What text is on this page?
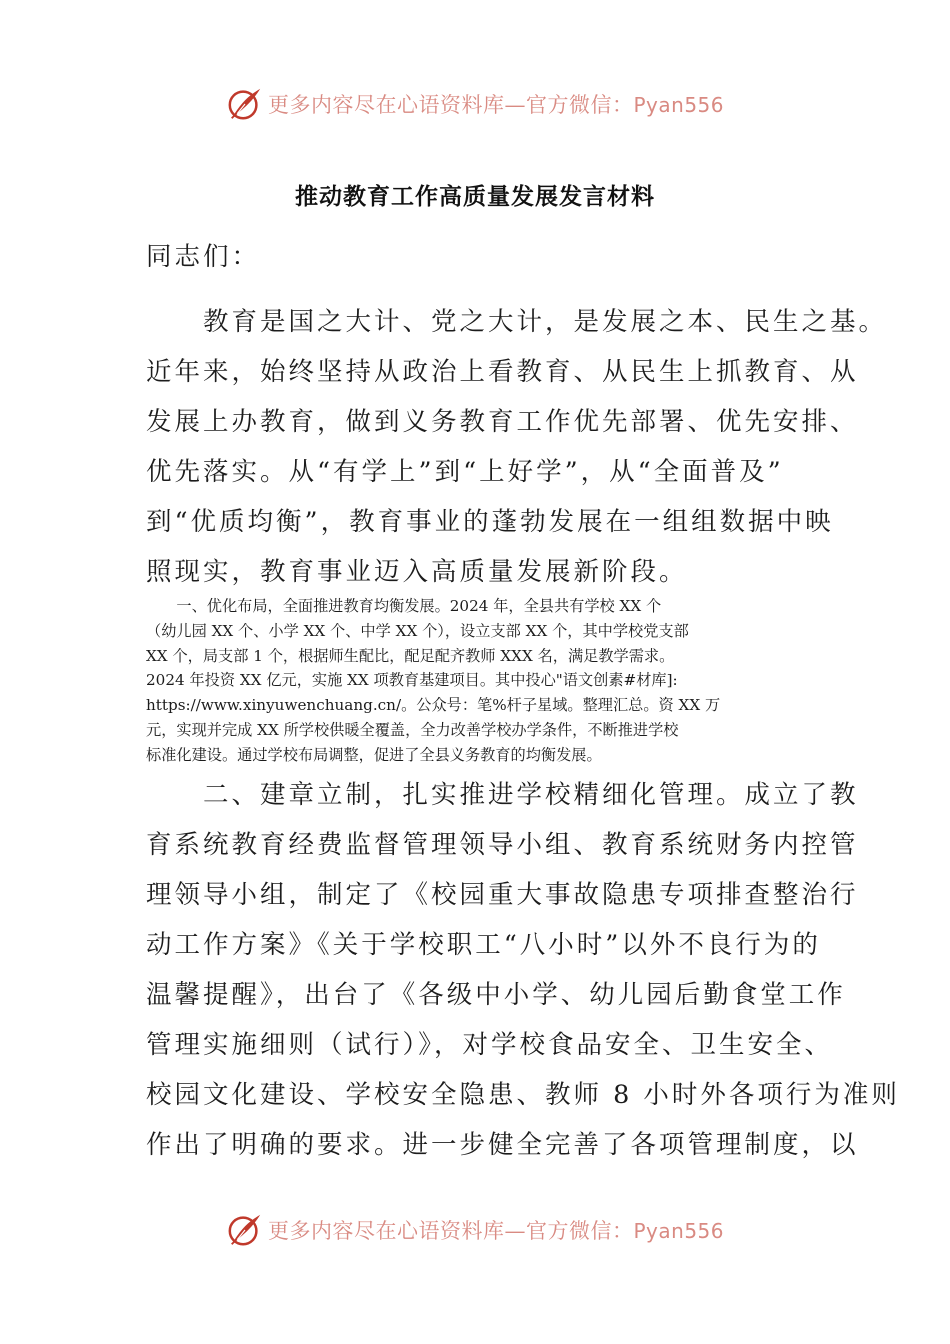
更多内容尽在心语资料库—官方微信：Pyan556
推动教育工作高质量发展发言材料
同志们：
　　教育是国之大计、党之大计，是发展之本、民生之基。
近年来，始终坚持从政治上看教育、从民生上抓教育、从
发展上办教育，做到义务教育工作优先部署、优先安排、
优先落实。从“有学上”到“上好学”，从“全面普及”
到“优质均衡”，教育事业的蓬勃发展在一组组数据中映
照现实，教育事业迈入高质量发展新阶段。
　　一、优化布局，全面推进教育均衡发展。2024 年，全县共有学校 XX 个
（幼儿园 XX 个、小学 XX 个、中学 XX 个），设立支部 XX 个，其中学校党支部
XX 个，局支部 1 个，根据师生配比，配足配齐教师 XXX 名，满足教学需求。
2024 年投资 XX 亿元，实施 XX 项教育基建项目。其中投心"语文创素#材库]:
https://www.xinyuwenchuang.cn/。公众号：笔%杆子星域。整理汇总。资 XX 万
元，实现并完成 XX 所学校供暖全覆盖，全力改善学校办学条件，不断推进学校
标准化建设。通过学校布局调整，促进了全县义务教育的均衡发展。
　　二、建章立制，扎实推进学校精细化管理。成立了教
育系统教育经费监督管理领导小组、教育系统财务内控管
理领导小组，制定了《校园重大事故隐患专项排查整治行
动工作方案》《关于学校职工“八小时”以外不良行为的
温馨提醒》，出台了《各级中小学、幼儿园后勤食堂工作
管理实施细则（试行）》，对学校食品安全、卫生安全、
校园文化建设、学校安全隐患、教师 8 小时外各项行为准则
作出了明确的要求。进一步健全完善了各项管理制度，以
更多内容尽在心语资料库—官方微信：Pyan556
